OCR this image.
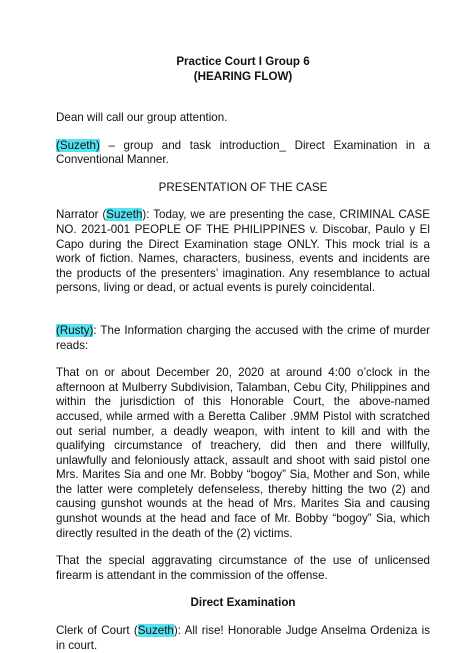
Practice Court I Group 6

(HEARING FLOW)

Dean will call our group attention.

(Suzeth) – group and task introduction_ Direct Examination in a Conventional Manner.

PRESENTATION OF THE CASE

Narrator (Suzeth): Today, we are presenting the case, CRIMINAL CASE NO. 2021-001 PEOPLE OF THE PHILIPPINES v. Discobar, Paulo y El Capo during the Direct Examination stage ONLY. This mock trial is a work of fiction. Names, characters, business, events and incidents are the products of the presenters’ imagination. Any resemblance to actual persons, living or dead, or actual events is purely coincidental.

(Rusty): The Information charging the accused with the crime of murder reads:

That on or about December 20, 2020 at around 4:00 o’clock in the afternoon at Mulberry Subdivision, Talamban, Cebu City, Philippines and within the jurisdiction of this Honorable Court, the above-named accused, while armed with a Beretta Caliber .9MM Pistol with scratched out serial number, a deadly weapon, with intent to kill and with the qualifying circumstance of treachery, did then and there willfully, unlawfully and feloniously attack, assault and shoot with said pistol one Mrs. Marites Sia and one Mr. Bobby “bogoy” Sia, Mother and Son, while the latter were completely defenseless, thereby hitting the two (2) and causing gunshot wounds at the head of Mrs. Marites Sia and causing gunshot wounds at the head and face of Mr. Bobby “bogoy” Sia, which directly resulted in the death of the (2) victims.

That the special aggravating circumstance of the use of unlicensed firearm is attendant in the commission of the offense.

Direct Examination

Clerk of Court (Suzeth): All rise! Honorable Judge Anselma Ordeniza is in court.
